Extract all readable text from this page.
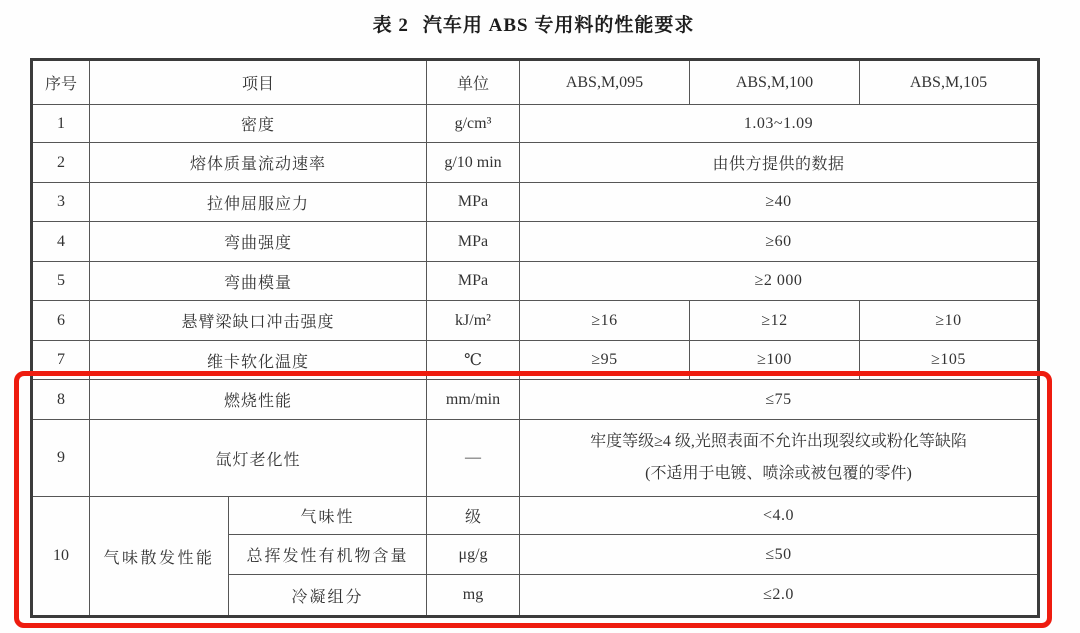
表 2 汽车用 ABS 专用料的性能要求
序号	项目		单位	ABS,M,095	ABS,M,100	ABS,M,105
1	密度		g/cm³	1.03~1.09		
2	熔体质量流动速率		g/10 min	由供方提供的数据		
3	拉伸屈服应力		MPa	≥40		
4	弯曲强度		MPa	≥60		
5	弯曲模量		MPa	≥2 000		
6	悬臂梁缺口冲击强度		kJ/m²	≥16	≥12	≥10
7	维卡软化温度		℃	≥95	≥100	≥105
8	燃烧性能		mm/min	≤75		
9	氙灯老化性		—	牢度等级≥4 级,光照表面不允许出现裂纹或粉化等缺陷
(不适用于电镀、喷涂或被包覆的零件)		

10	气味散发性能	气味性	级	<4.0		
		总挥发性有机物含量	μg/g	≤50		
		冷凝组分	mg	≤2.0		
